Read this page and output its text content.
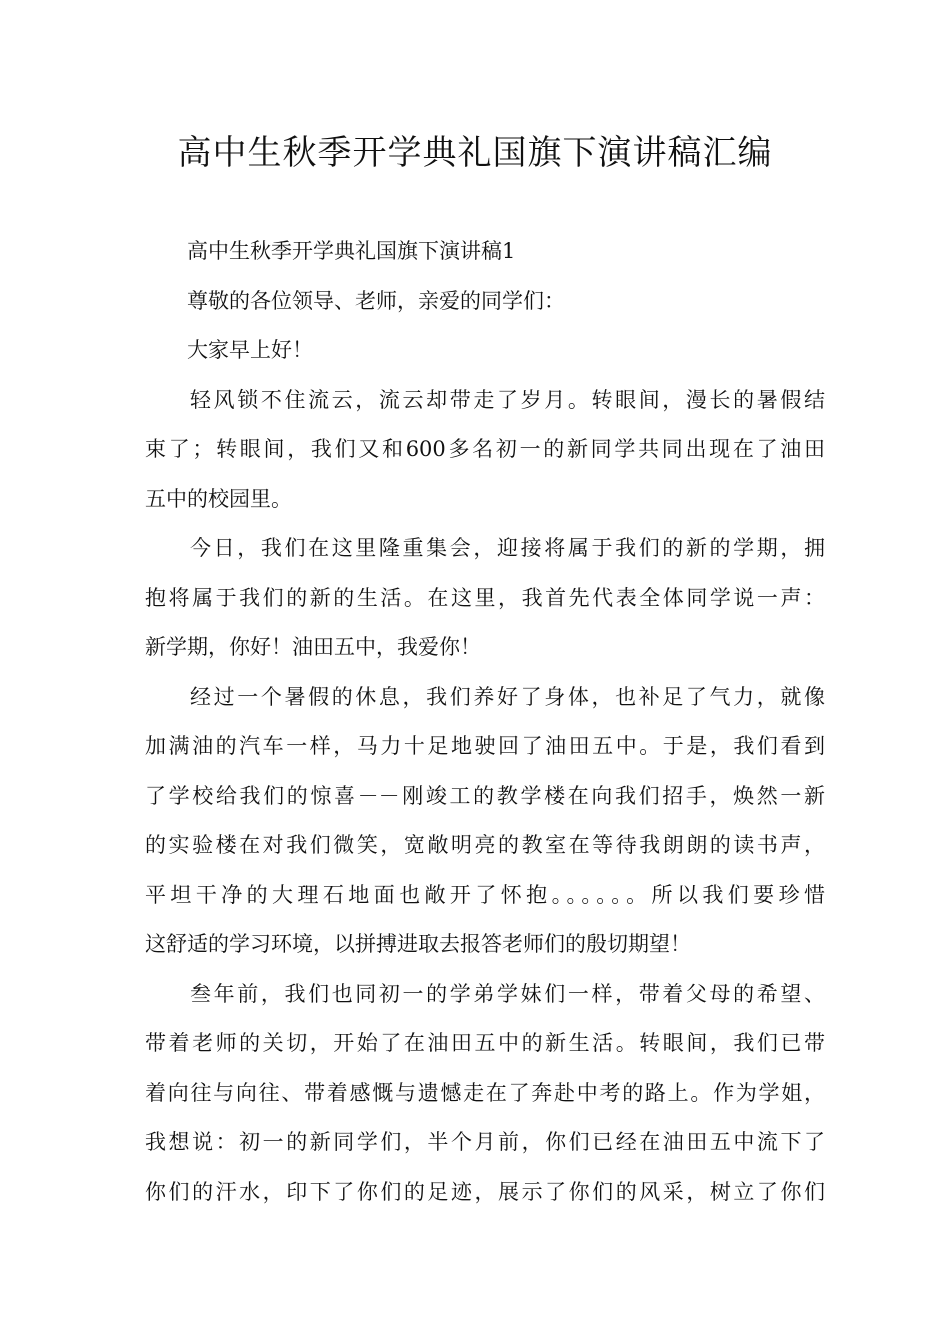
高中生秋季开学典礼国旗下演讲稿汇编

高中生秋季开学典礼国旗下演讲稿1

尊敬的各位领导、老师，亲爱的同学们：

大家早上好！

轻风锁不住流云，流云却带走了岁月。转眼间，漫长的暑假结
束了；转眼间，我们又和600多名初一的新同学共同出现在了油田
五中的校园里。
今日，我们在这里隆重集会，迎接将属于我们的新的学期，拥
抱将属于我们的新的生活。在这里，我首先代表全体同学说一声：
新学期，你好！油田五中，我爱你！
经过一个暑假的休息，我们养好了身体，也补足了气力，就像
加满油的汽车一样，马力十足地驶回了油田五中。于是，我们看到
了学校给我们的惊喜－－刚竣工的教学楼在向我们招手，焕然一新
的实验楼在对我们微笑，宽敞明亮的教室在等待我朗朗的读书声，
平坦干净的大理石地面也敞开了怀抱。。。。。。所以我们要珍惜
这舒适的学习环境，以拼搏进取去报答老师们的殷切期望！
叁年前，我们也同初一的学弟学妹们一样，带着父母的希望、
带着老师的关切，开始了在油田五中的新生活。转眼间，我们已带
着向往与向往、带着感慨与遗憾走在了奔赴中考的路上。作为学姐，
我想说：初一的新同学们，半个月前，你们已经在油田五中流下了
你们的汗水，印下了你们的足迹，展示了你们的风采，树立了你们
